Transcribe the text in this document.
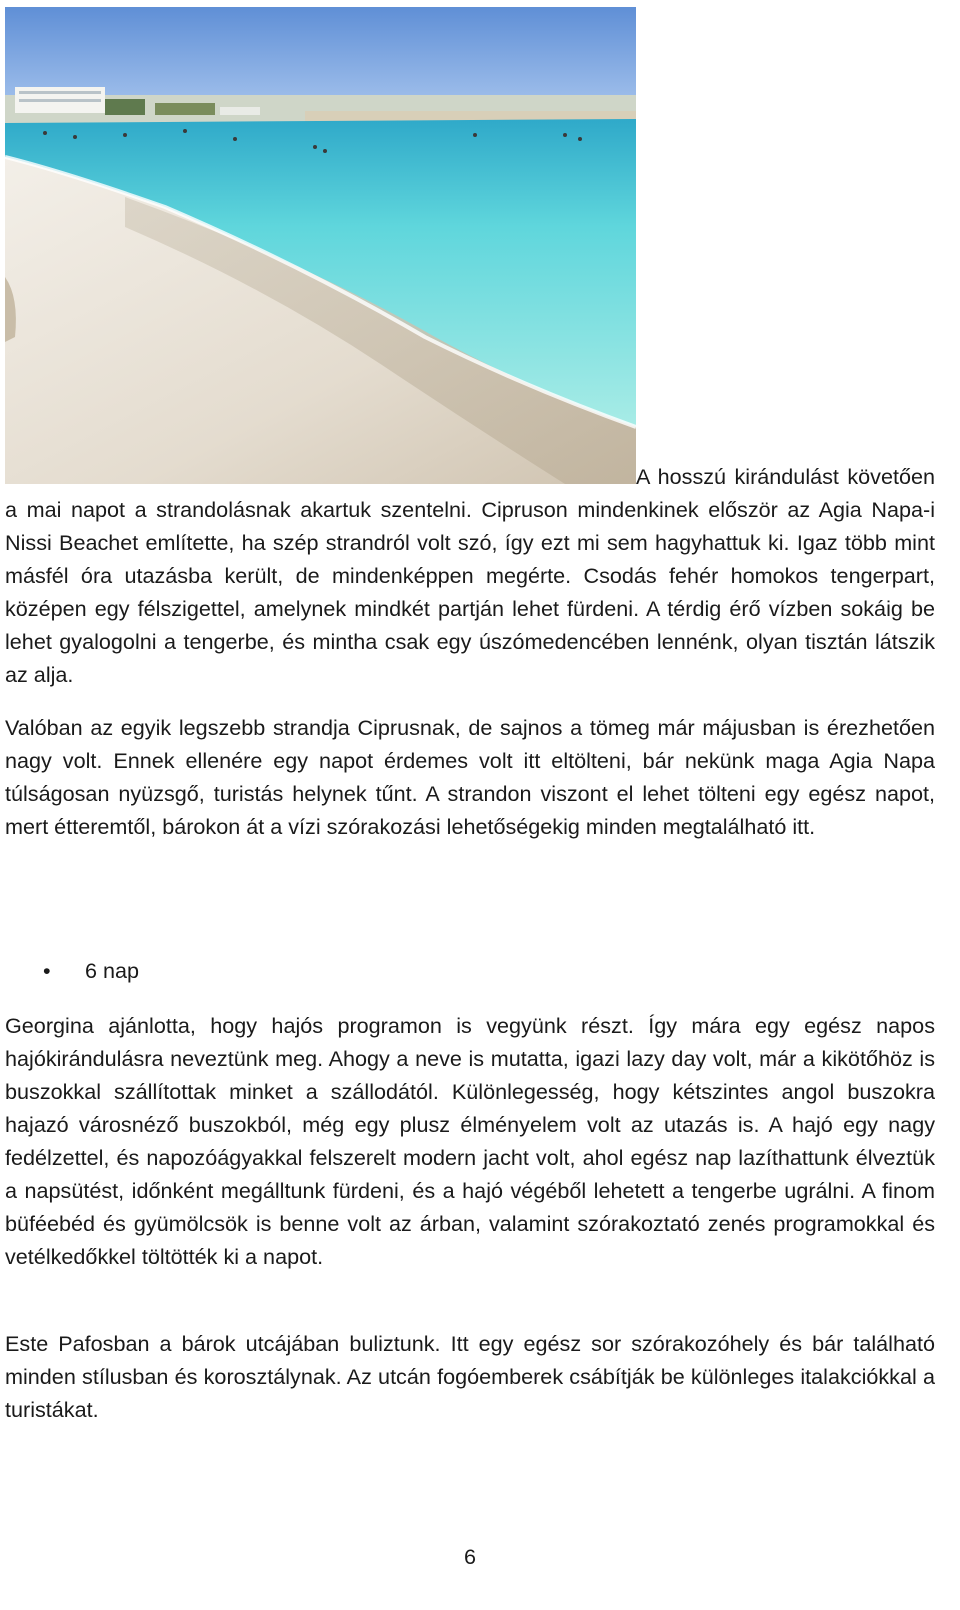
A hosszú kirándulást követően a mai napot a strandolásnak akartuk szentelni. Cipruson mindenkinek először az Agia Napa-i Nissi Beachet említette, ha szép strandról volt szó, így ezt mi sem hagyhattuk ki. Igaz több mint másfél óra utazásba került, de mindenképpen megérte. Csodás fehér homokos tengerpart, középen egy félszigettel, amelynek mindkét partján lehet fürdeni. A térdig érő vízben sokáig be lehet gyalogolni a tengerbe, és mintha csak egy úszómedencében lennénk, olyan tisztán látszik az alja.

Valóban az egyik legszebb strandja Ciprusnak, de sajnos a tömeg már májusban is érezhetően nagy volt. Ennek ellenére egy napot érdemes volt itt eltölteni, bár nekünk maga Agia Napa túlságosan nyüzsgő, turistás helynek tűnt. A strandon viszont el lehet tölteni egy egész napot, mert étteremtől, bárokon át a vízi szórakozási lehetőségekig minden megtalálható itt.

• 6 nap

Georgina ajánlotta, hogy hajós programon is vegyünk részt. Így mára egy egész napos hajókirándulásra neveztünk meg. Ahogy a neve is mutatta, igazi lazy day volt, már a kikötőhöz is buszokkal szállítottak minket a szállodától. Különlegesség, hogy kétszintes angol buszokra hajazó városnéző buszokból, még egy plusz élményelem volt az utazás is. A hajó egy nagy fedélzettel, és napozóágyakkal felszerelt modern jacht volt, ahol egész nap lazíthattunk élveztük a napsütést, időnként megálltunk fürdeni, és a hajó végéből lehetett a tengerbe ugrálni. A finom büféebéd és gyümölcsök is benne volt az árban, valamint szórakoztató zenés programokkal és vetélkedőkkel töltötték ki a napot.

Este Pafosban a bárok utcájában buliztunk. Itt egy egész sor szórakozóhely és bár található minden stílusban és korosztálynak. Az utcán fogóemberek csábítják be különleges italakciókkal a turistákat.

6
